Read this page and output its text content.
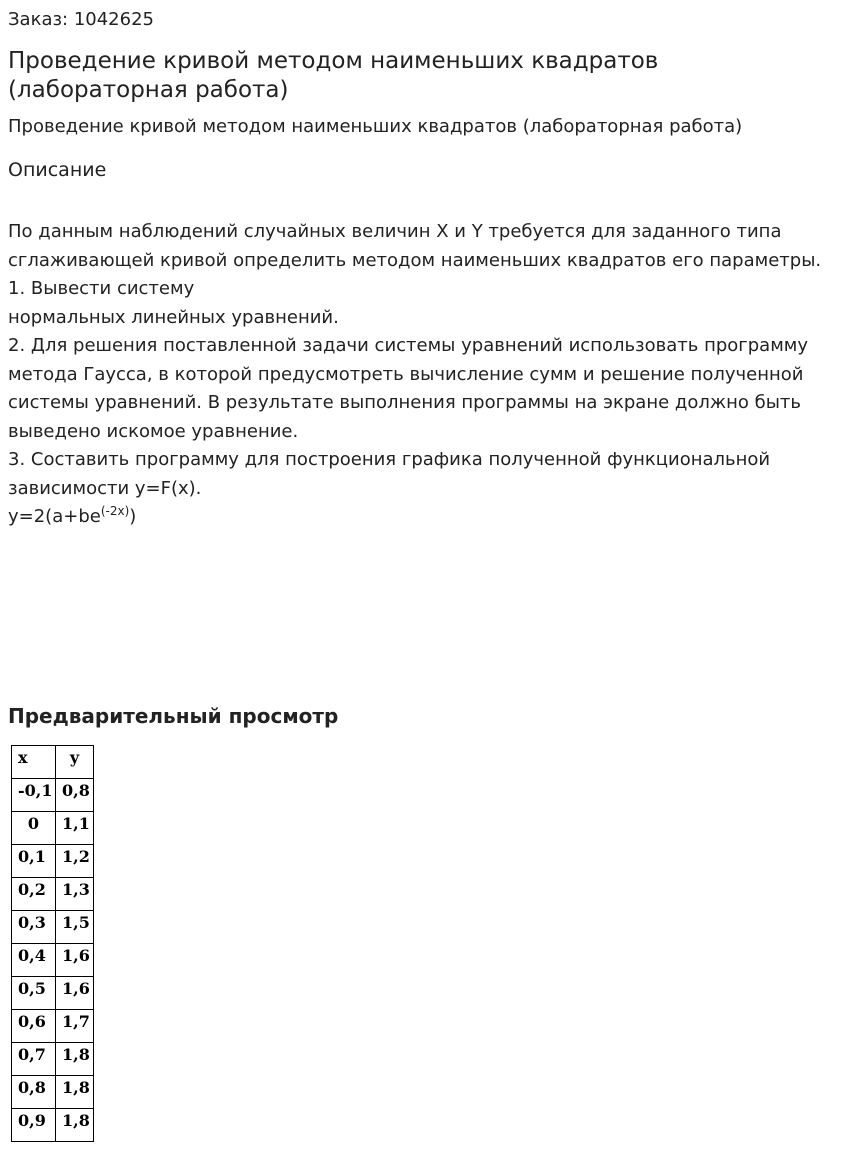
Заказ: 1042625
Проведение кривой методом наименьших квадратов (лабораторная работа)
Проведение кривой методом наименьших квадратов (лабораторная работа)
Описание

По данным наблюдений случайных величин X и Y требуется для заданного типа сглаживающей кривой определить методом наименьших квадратов его параметры.

1. Вывести систему

нормальных линейных уравнений.

2. Для решения поставленной задачи системы уравнений использовать программу метода Гаусса, в которой предусмотреть вычисление сумм и решение полученной системы уравнений. В результате выполнения программы на экране должно быть выведено искомое уравнение.

3. Составить программу для построения графика полученной функциональной зависимости y=F(x).

$y=2(a+be^{(-2x)})$

Предварительный просмотр
x	y
-0,1	0,8
0	1,1
0,1	1,2
0,2	1,3
0,3	1,5
0,4	1,6
0,5	1,6
0,6	1,7
0,7	1,8
0,8	1,8
0,9	1,8
